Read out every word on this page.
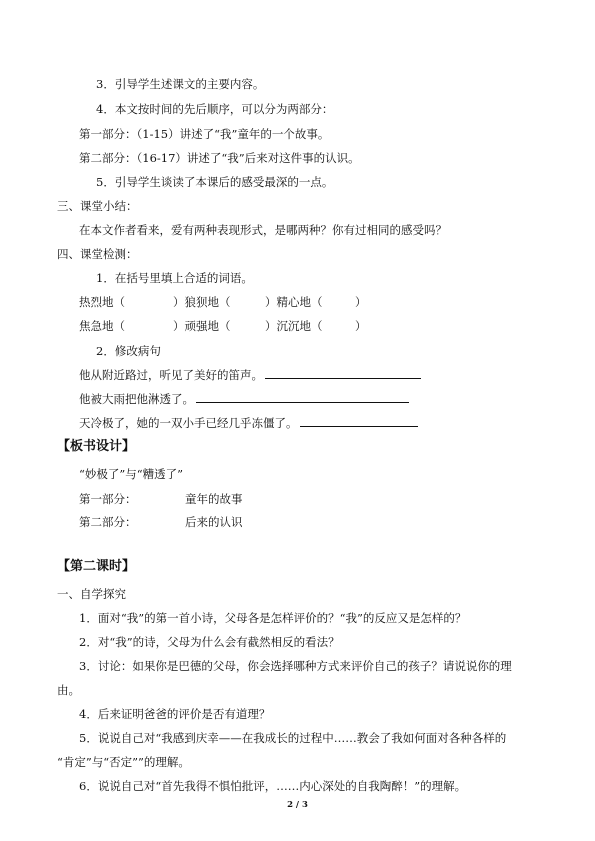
3．引导学生述课文的主要内容。
4．本文按时间的先后顺序，可以分为两部分：
第一部分：（1-15）讲述了“我”童年的一个故事。
第二部分：（16-17）讲述了“我”后来对这件事的认识。
5．引导学生谈读了本课后的感受最深的一点。
三、课堂小结：
在本文作者看来，爱有两种表现形式，是哪两种？你有过相同的感受吗？
四、课堂检测：
1．在括号里填上合适的词语。
热烈地（	）狼狈地（	）精心地（	）
焦急地（	）顽强地（	）沉沉地（	）
2．修改病句
他从附近路过，听见了美好的笛声。
他被大雨把他淋透了。
天冷极了，她的一双小手已经几乎冻僵了。
【板书设计】
“妙极了”与“糟透了”
第一部分：	童年的故事
第二部分：	后来的认识
【第二课时】
一、自学探究
1．面对“我”的第一首小诗，父母各是怎样评价的？“我”的反应又是怎样的？
2．对“我”的诗，父母为什么会有截然相反的看法？
3．讨论：如果你是巴德的父母，你会选择哪种方式来评价自己的孩子？请说说你的理
由。
4．后来证明爸爸的评价是否有道理？
5．说说自己对“我感到庆幸——在我成长的过程中……教会了我如何面对各种各样的
“肯定”与“否定””的理解。
6．说说自己对“首先我得不惧怕批评，……内心深处的自我陶醉！”的理解。
2 / 3
